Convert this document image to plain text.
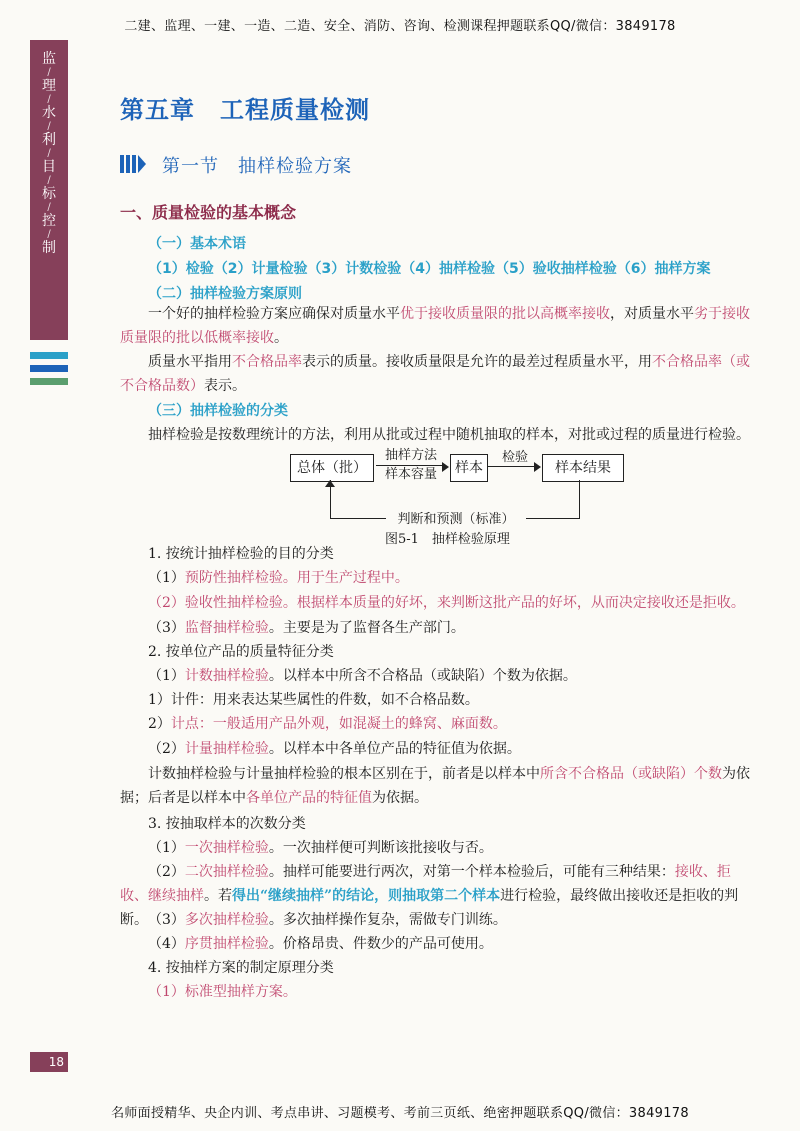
二建、监理、一建、一造、二造、安全、消防、咨询、检测课程押题联系QQ/微信：3849178
名师面授精华、央企内训、考点串讲、习题模考、考前三页纸、绝密押题联系QQ/微信：3849178
监
/
理
/
水
/
利
/
目
/
标
/
控
/
制
18
第五章　工程质量检测
第一节　抽样检验方案
一、质量检验的基本概念
（一）基本术语
（1）检验（2）计量检验（3）计数检验（4）抽样检验（5）验收抽样检验（6）抽样方案
（二）抽样检验方案原则
一个好的抽样检验方案应确保对质量水平优于接收质量限的批以高概率接收，对质量水平劣于接收质量限的批以低概率接收。
质量水平指用不合格品率表示的质量。接收质量限是允许的最差过程质量水平，用不合格品率（或不合格品数）表示。
（三）抽样检验的分类
抽样检验是按数理统计的方法，利用从批或过程中随机抽取的样本，对批或过程的质量进行检验。
总体（批）
抽样方法
样本容量	样本
检验
样本结果
判断和预测（标准）
图5-1　抽样检验原理
1. 按统计抽样检验的目的分类
（1）预防性抽样检验。用于生产过程中。
（2）验收性抽样检验。根据样本质量的好坏，来判断这批产品的好坏，从而决定接收还是拒收。
（3）监督抽样检验。主要是为了监督各生产部门。
2. 按单位产品的质量特征分类
（1）计数抽样检验。以样本中所含不合格品（或缺陷）个数为依据。
1）计件：用来表达某些属性的件数，如不合格品数。
2）计点：一般适用产品外观，如混凝土的蜂窝、麻面数。
（2）计量抽样检验。以样本中各单位产品的特征值为依据。
计数抽样检验与计量抽样检验的根本区别在于，前者是以样本中所含不合格品（或缺陷）个数为依据；后者是以样本中各单位产品的特征值为依据。
3. 按抽取样本的次数分类
（1）一次抽样检验。一次抽样便可判断该批接收与否。
（2）二次抽样检验。抽样可能要进行两次，对第一个样本检验后，可能有三种结果：接收、拒收、继续抽样。若得出“继续抽样”的结论，则抽取第二个样本进行检验，最终做出接收还是拒收的判断。 （3）多次抽样检验。多次抽样操作复杂，需做专门训练。
（4）序贯抽样检验。价格昂贵、件数少的产品可使用。
4. 按抽样方案的制定原理分类
（1）标准型抽样方案。
